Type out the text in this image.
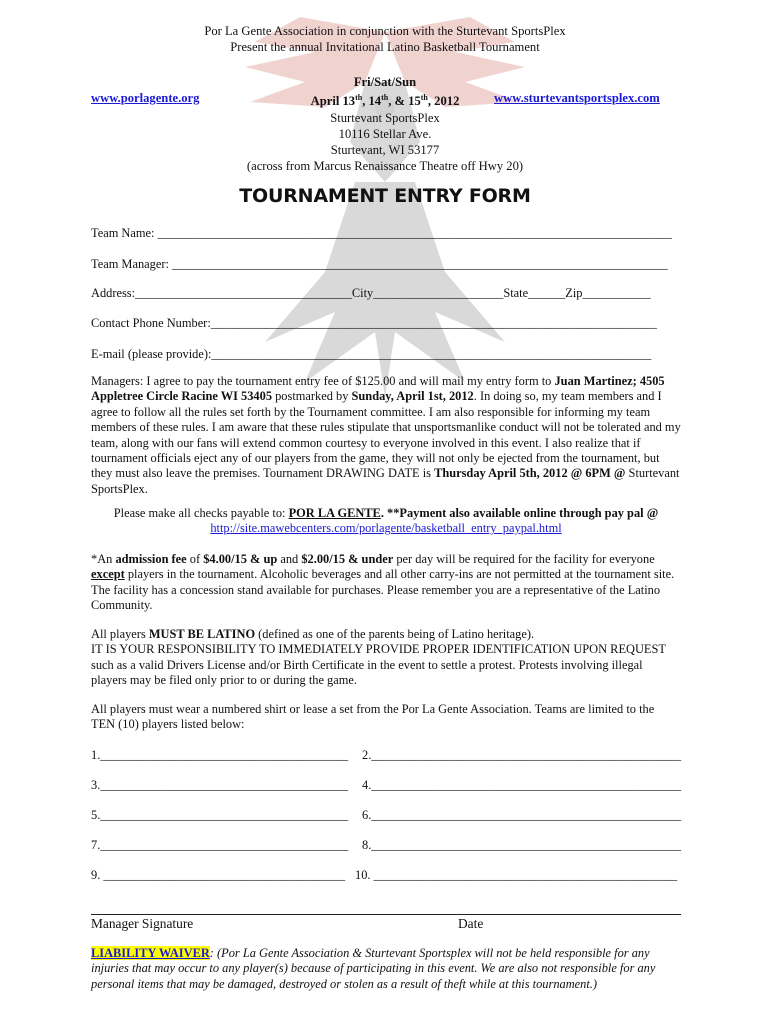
Por La Gente Association in conjunction with the Sturtevant SportsPlex
Present the annual Invitational Latino Basketball Tournament
www.porlagente.org	www.sturtevantsportsplex.com
Fri/Sat/Sun
April 13th, 14th, & 15th, 2012
Sturtevant SportsPlex
10116 Stellar Ave.
Sturtevant, WI 53177
(across from Marcus Renaissance Theatre off Hwy 20)
TOURNAMENT ENTRY FORM
Team Name: ___________________________________________________________________________________
Team Manager: ________________________________________________________________________________
Address:___________________________________City_____________________State______Zip___________
Contact Phone Number:________________________________________________________________________
E-mail (please provide):_______________________________________________________________________
Managers: I agree to pay the tournament entry fee of $125.00 and will mail my entry form to Juan Martinez; 4505 Appletree Circle Racine WI 53405 postmarked by Sunday, April 1st, 2012. In doing so, my team members and I agree to follow all the rules set forth by the Tournament committee. I am also responsible for informing my team members of these rules. I am aware that these rules stipulate that unsportsmanlike conduct will not be tolerated and my team, along with our fans will extend common courtesy to everyone involved in this event. I also realize that if tournament officials eject any of our players from the game, they will not only be ejected from the tournament, but they must also leave the premises. Tournament DRAWING DATE is Thursday April 5th, 2012 @ 6PM @ Sturtevant SportsPlex.
Please make all checks payable to: POR LA GENTE. **Payment also available online through pay pal @
http://site.mawebcenters.com/porlagente/basketball_entry_paypal.html
*An admission fee of $4.00/15 & up and $2.00/15 & under per day will be required for the facility for everyone except players in the tournament. Alcoholic beverages and all other carry-ins are not permitted at the tournament site. The facility has a concession stand available for purchases. Please remember you are a representative of the Latino Community.
All players MUST BE LATINO (defined as one of the parents being of Latino heritage).
IT IS YOUR RESPONSIBILITY TO IMMEDIATELY PROVIDE PROPER IDENTIFICATION UPON REQUEST such as a valid Drivers License and/or Birth Certificate in the event to settle a protest. Protests involving illegal players may be filed only prior to or during the game.
All players must wear a numbered shirt or lease a set from the Por La Gente Association. Teams are limited to the TEN (10) players listed below:
1.________________________________________ 2.__________________________________________________
3.________________________________________ 4.__________________________________________________
5.________________________________________ 6.__________________________________________________
7.________________________________________ 8.__________________________________________________
9. _______________________________________ 10. _________________________________________________
Manager Signature	Date
LIABILITY WAIVER: (Por La Gente Association & Sturtevant Sportsplex will not be held responsible for any injuries that may occur to any player(s) because of participating in this event. We are also not responsible for any personal items that may be damaged, destroyed or stolen as a result of theft while at this tournament.)
